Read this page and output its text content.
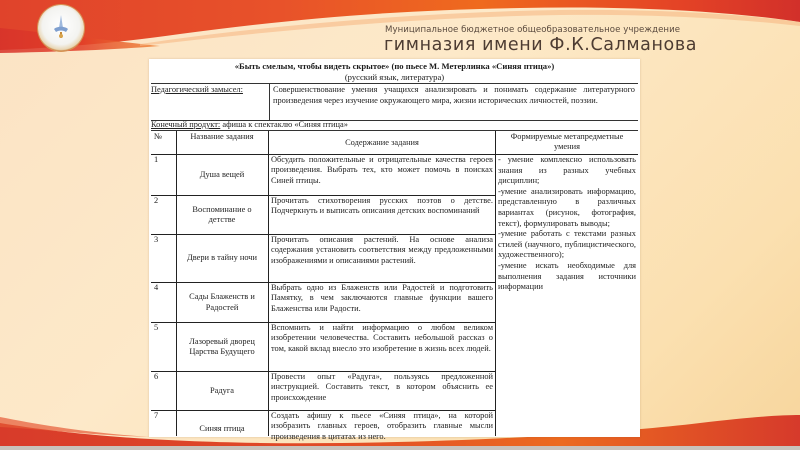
Муниципальное бюджетное общеобразовательное учреждение
гимназия имени Ф.К.Салманова
«Быть смелым, чтобы видеть скрытое» (по пьесе М. Метерлинка «Синяя птица»)
(русский язык, литература)
Педагогический замысел:	Совершенствование умения учащихся анализировать и понимать содержание литературного произведения через изучение окружающего мира, жизни исторических личностей, поэзии.
Конечный продукт: афиша к спектаклю «Синяя птица»
№	Название задания
Содержание задания
Формируемые метапредметные умения
1
Душа вещей
Обсудить положительные и отрицательные качества героев произведения. Выбрать тех, кто может помочь в поисках Синей птицы.
2
Воспоминание о детстве
Прочитать стихотворения русских поэтов о детстве. Подчеркнуть и выписать описания детских воспоминаний
3
Двери в тайну ночи
Прочитать описания растений. На основе анализа содержания установить соответствия между предложенными изображениями и описаниями растений.
4
Сады Блаженств и Радостей
Выбрать одно из Блаженств или Радостей и подготовить Памятку, в чем заключаются главные функции вашего Блаженства или Радости.
5
Лазоревый дворец Царства Будущего
Вспомнить и найти информацию о любом великом изобретении человечества. Составить небольшой рассказ о том, какой вклад внесло это изобретение в жизнь всех людей.
6
Радуга
Провести опыт «Радуга», пользуясь предложенной инструкцией. Составить текст, в котором объяснить ее происхождение
7
Синяя птица
Создать афишу к пьесе «Синяя птица», на которой изобразить главных героев, отобразить главные мысли произведения в цитатах из него.
- умение комплексно использовать знания из разных учебных дисциплин;
-умение анализировать информацию, представленную в различных вариантах (рисунок, фотография, текст), формулировать выводы;
-умение работать с текстами разных стилей (научного, публицистического, художественного);
-умение искать необходимые для выполнения задания источники информации
